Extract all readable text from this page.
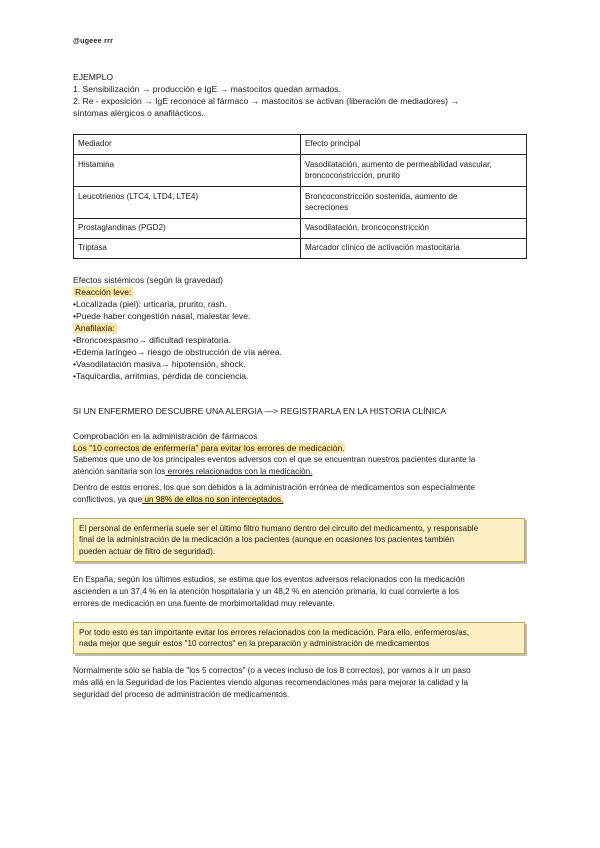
@ugeee rrr
EJEMPLO
1. Sensibilización → producción e IgE → mastocitos quedan armados.
2. Re - exposición → IgE reconoce al fármaco → mastocitos se activan (liberación de mediadores) →
síntomas alérgicos o anafilácticos.
Mediador	Efecto principal
Histamina	Vasodilatación, aumento de permeabilidad vascular,
broncoconstricción, prurito

Leucotrienos (LTC4, LTD4, LTE4)	Broncoconstricción sostenida, aumento de
secreciones

Prostaglandinas (PGD2)	Vasodilatación, broncoconstricción
Triptasa	Marcador clínico de activación mastocitaria
Efectos sistémicos (según la gravedad)
Reacción leve:
•Localizada (piel): urticaria, prurito, rash.
•Puede haber congestión nasal, malestar leve.
Anafilaxia:
•Broncoespasmo→ dificultad respiratoria.
•Edema laríngeo→ riesgo de obstrucción de vía aérea.
•Vasodilatación masiva→ hipotensión, shock.
•Taquicardia, arritmias, pérdida de conciencia.
SI UN ENFERMERO DESCUBRE UNA ALERGIA —> REGISTRARLA EN LA HISTORIA CLÍNICA
Comprobación en la administración de fármacos
Los "10 correctos de enfermería" para evitar los errores de medicación.
Sabemos que uno de los principales eventos adversos con el que se encuentran nuestros pacientes durante la
atención sanitaria son los errores relacionados con la medicación.
Dentro de estos errores, los que son debidos a la administración errónea de medicamentos son especialmente
conflictivos, ya que un 98% de ellos no son interceptados.
El personal de enfermería suele ser el último filtro humano dentro del circuito del medicamento, y responsable
final de la administración de la medicación a los pacientes (aunque en ocasiones los pacientes también
pueden actuar de filtro de seguridad).
En España, según los últimos estudios, se estima que los eventos adversos relacionados con la medicación
ascienden a un 37,4 % en la atención hospitalaria y un 48,2 % en atención primaria, lo cual convierte a los
errores de medicación en una fuente de morbimortalidad muy relevante.
Por todo esto es tan importante evitar los errores relacionados con la medicación. Para ello, enfermeros/as,
nada mejor que seguir estos "10 correctos" en la preparación y administración de medicamentos
Normalmente sólo se habla de "los 5 correctos" (o a veces incluso de los 8 correctos), por vamos a ir un paso
más allá en la Seguridad de los Pacientes viendo algunas recomendaciones más para mejorar la calidad y la
seguridad del proceso de administración de medicamentos.
